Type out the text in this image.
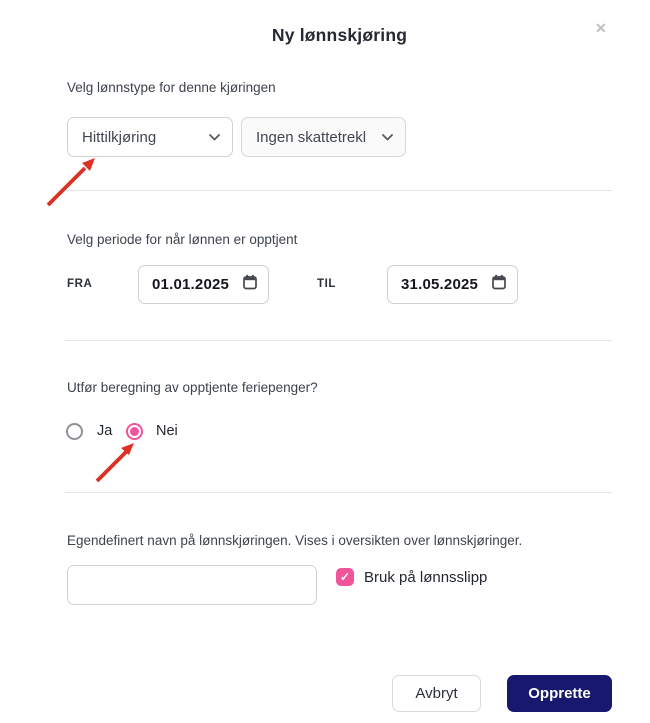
Ny lønnskjøring	✕
Velg lønnstype for denne kjøringen
Hittilkjøring	Ingen skattetrekl
Velg periode for når lønnen er opptjent
FRA	01.01.2025	TIL	31.05.2025
Utfør beregning av opptjente feriepenger?
Ja	Nei
Egendefinert navn på lønnskjøringen. Vises i oversikten over lønnskjøringer.
✓ Bruk på lønnsslipp
Avbryt	Opprette
